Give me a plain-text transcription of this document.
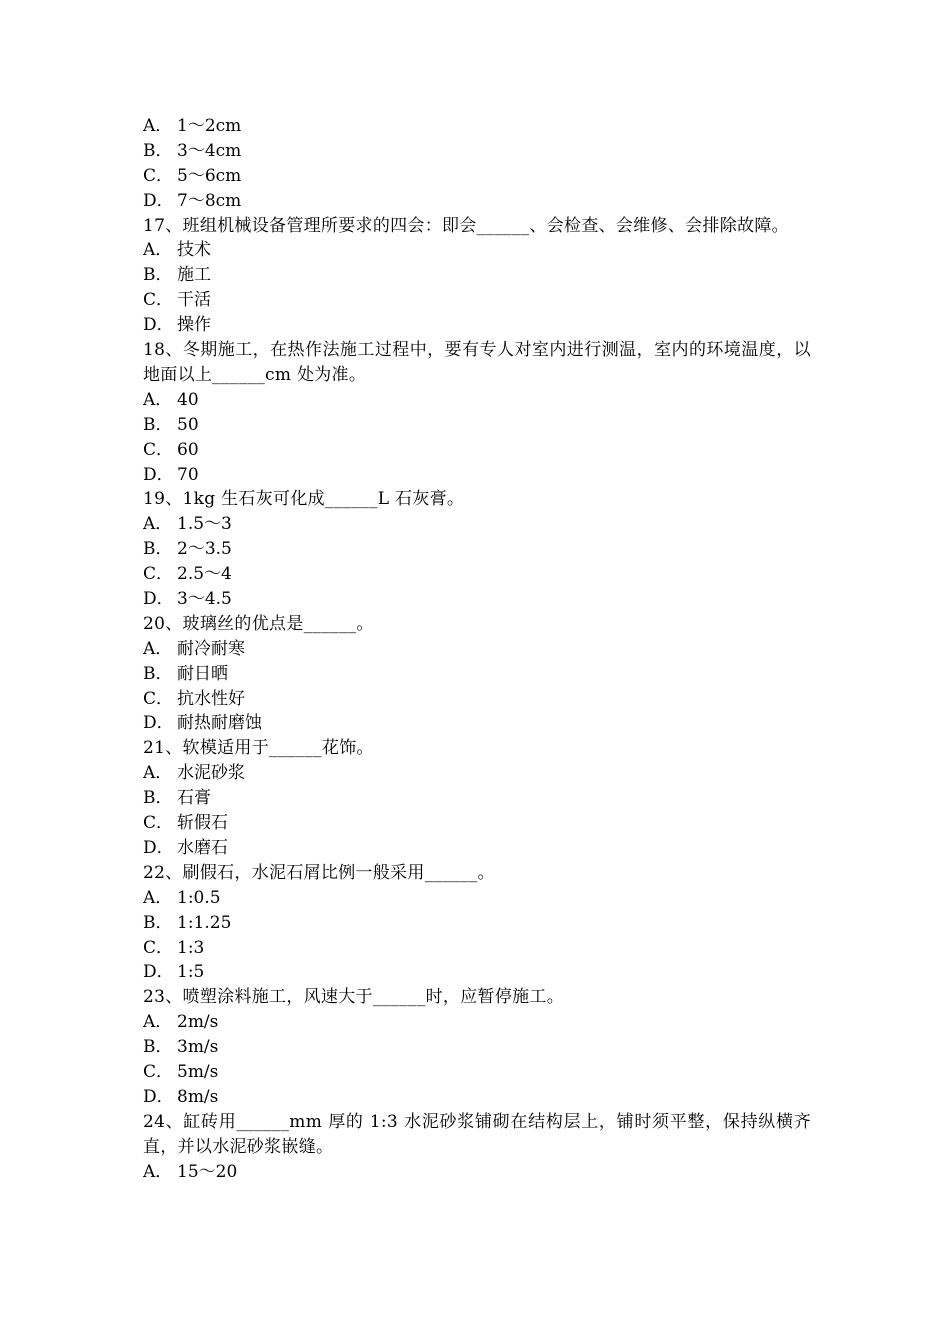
A． 1～2cm
B． 3～4cm
C． 5～6cm
D． 7～8cm
17、班组机械设备管理所要求的四会：即会______、会检查、会维修、会排除故障。
A． 技术
B． 施工
C． 干活
D． 操作
18、冬期施工，在热作法施工过程中，要有专人对室内进行测温，室内的环境温度，以地面以上______cm 处为准。
A． 40
B． 50
C． 60
D． 70
19、1kg 生石灰可化成______L 石灰膏。
A． 1.5～3
B． 2～3.5
C． 2.5～4
D． 3～4.5
20、玻璃丝的优点是______。
A． 耐冷耐寒
B． 耐日晒
C． 抗水性好
D． 耐热耐磨蚀
21、软模适用于______花饰。
A． 水泥砂浆
B． 石膏
C． 斩假石
D． 水磨石
22、刷假石，水泥石屑比例一般采用______。
A． 1:0.5
B． 1:1.25
C． 1:3
D． 1:5
23、喷塑涂料施工，风速大于______时，应暂停施工。
A． 2m/s
B． 3m/s
C． 5m/s
D． 8m/s
24、缸砖用______mm 厚的 1:3 水泥砂浆铺砌在结构层上，铺时须平整，保持纵横齐直，并以水泥砂浆嵌缝。
A． 15～20
